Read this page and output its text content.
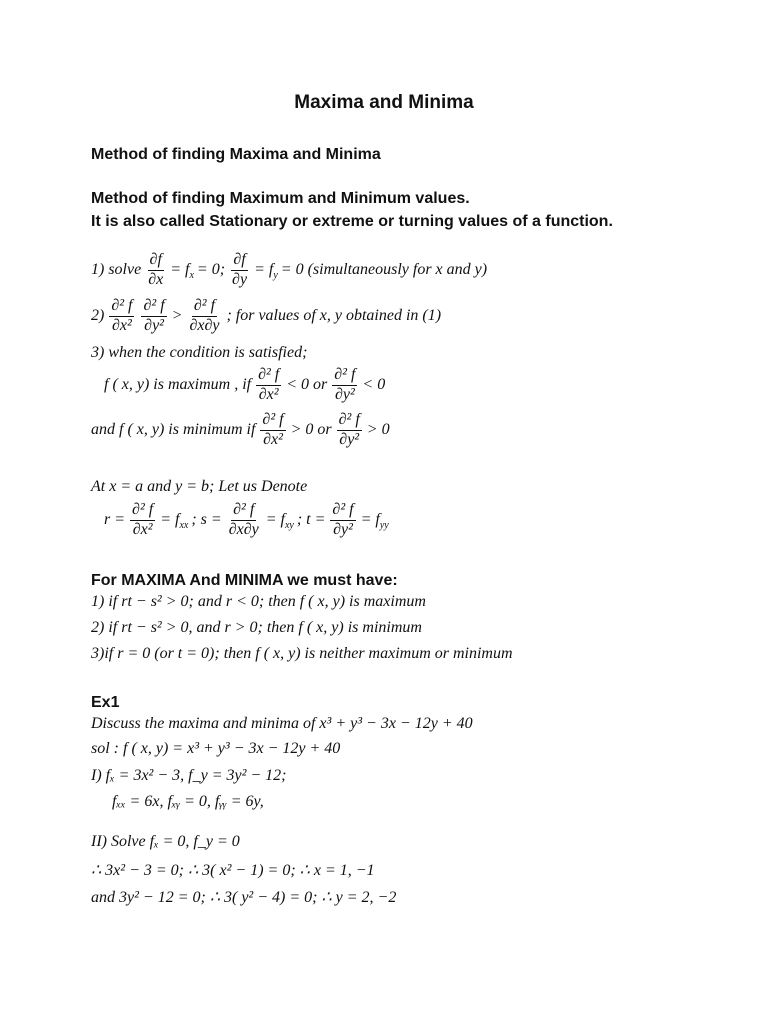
Maxima and Minima
Method of finding Maxima and Minima
Method of finding Maximum and Minimum values.
It is also called Stationary or extreme or turning values of a function.
1) solve $\frac{\partial f}{\partial x} = f_x = 0$; $\frac{\partial f}{\partial y} = f_y = 0$ (simultaneously for x and y)
$2) \frac{\text{∂² f}}{\text{∂x²}} \frac{\text{∂² f}}{\text{∂y²}} > \frac{\text{∂² f}}{\partial x\partial y}$ ; for values of x, y obtained in (1)
3) when the condition is satisfied;
f ( x, y) is maximum , if $\frac{\text{∂² f}}{\text{∂x²}} < 0$ or $\frac{\text{∂² f}}{\text{∂y²}} < 0$
and f ( x, y) is minimum if $\frac{\text{∂² f}}{\text{∂x²}} > 0$ or $\frac{\text{∂² f}}{\text{∂y²}} > 0$
At x = a and y = b; Let us Denote
$r = \frac{\text{∂² f}}{\text{∂x²}} = f_{xx}$ ; $s = \frac{\text{∂² f}}{\partial x\partial y} = f_{xy}$ ; $t = \frac{\text{∂² f}}{\text{∂y²}} = f_{yy}$
For MAXIMA And MINIMA we must have:
1) if rt − s² > 0; and r < 0; then f ( x, y) is maximum
2) if rt − s² > 0, and r > 0; then f ( x, y) is minimum
3)if r = 0 (or t = 0); then f ( x, y) is neither maximum or minimum
Ex1
Discuss the maxima and minima of x³ + y³ − 3x − 12y + 40
sol : f ( x, y) = x³ + y³ − 3x − 12y + 40
I) fₓ = 3x² − 3, f_y = 3y² − 12;
fₓₓ = 6x, fₓᵧ = 0, fᵧᵧ = 6y,
II) Solve fₓ = 0, f_y = 0
∴ 3x² − 3 = 0; ∴ 3( x² − 1) = 0; ∴ x = 1, −1
and 3y² − 12 = 0; ∴ 3( y² − 4) = 0; ∴ y = 2, −2
